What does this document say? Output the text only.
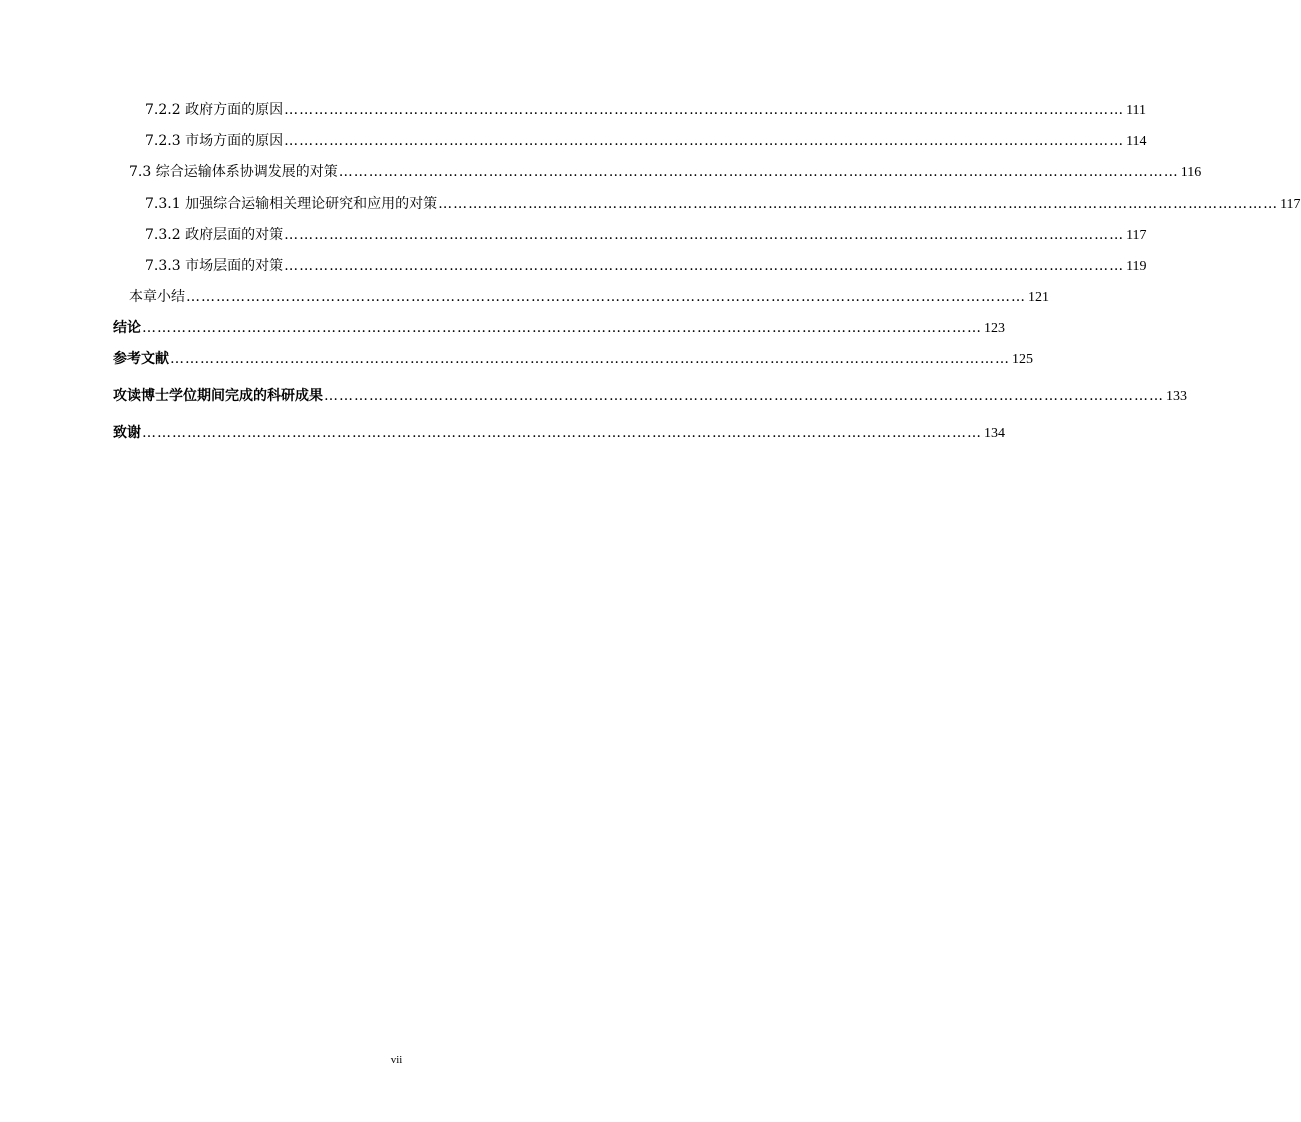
7.2.2 政府方面的原因 …………………………………………………………………………………………………………………………………………………… 111
7.2.3 市场方面的原因 …………………………………………………………………………………………………………………………………………………… 114
7.3 综合运输体系协调发展的对策 …………………………………………………………………………………………………………………………………………………… 116
7.3.1 加强综合运输相关理论研究和应用的对策 …………………………………………………………………………………………………………………………………………………… 117
7.3.2 政府层面的对策 …………………………………………………………………………………………………………………………………………………… 117
7.3.3 市场层面的对策 …………………………………………………………………………………………………………………………………………………… 119
本章小结 …………………………………………………………………………………………………………………………………………………… 121
结论 …………………………………………………………………………………………………………………………………………………… 123
参考文献 …………………………………………………………………………………………………………………………………………………… 125
攻读博士学位期间完成的科研成果 …………………………………………………………………………………………………………………………………………………… 133
致谢 …………………………………………………………………………………………………………………………………………………… 134
vii
